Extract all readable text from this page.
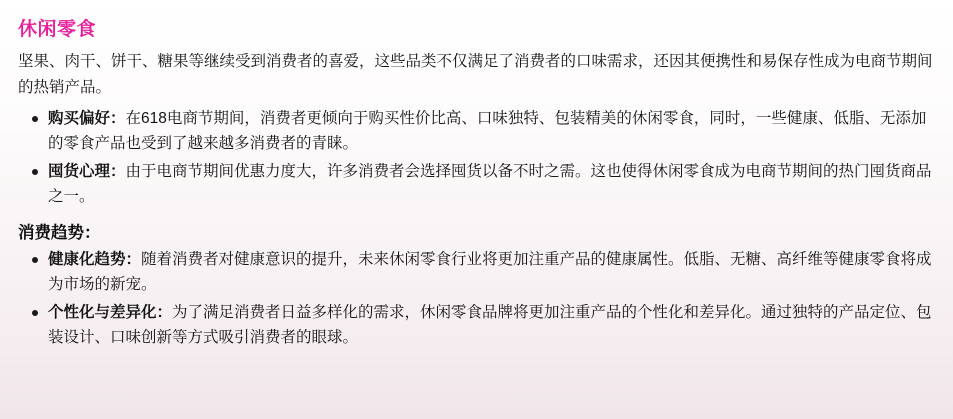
休闲零食

坚果、肉干、饼干、糖果等继续受到消费者的喜爱，这些品类不仅满足了消费者的口味需求，还因其便携性和易保存性成为电商节期间的热销产品。

购买偏好：在618电商节期间，消费者更倾向于购买性价比高、口味独特、包装精美的休闲零食，同时，一些健康、低脂、无添加的零食产品也受到了越来越多消费者的青睐。
囤货心理：由于电商节期间优惠力度大，许多消费者会选择囤货以备不时之需。这也使得休闲零食成为电商节期间的热门囤货商品之一。
消费趋势：
健康化趋势：随着消费者对健康意识的提升，未来休闲零食行业将更加注重产品的健康属性。低脂、无糖、高纤维等健康零食将成为市场的新宠。
个性化与差异化：为了满足消费者日益多样化的需求，休闲零食品牌将更加注重产品的个性化和差异化。通过独特的产品定位、包装设计、口味创新等方式吸引消费者的眼球。
